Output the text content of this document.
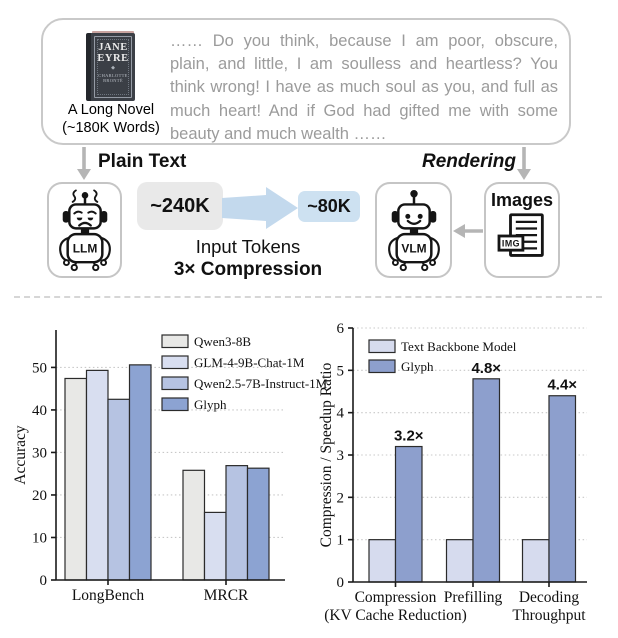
JANE
EYRE
◆
CHARLOTTE BRONTË
A Long Novel
(~180K Words)
…… Do you think, because I am poor, obscure, plain, and little, I am soulless and heartless? You think wrong! I have as much soul as you, and full as much heart! And if God had gifted me with some beauty and much wealth ……
Plain Text	Rendering
LLM
~240K	~80K
Input Tokens
3× Compression
VLM
Images
IMG
LongBench	MRCR
0
10
20
30
40
50
Accuracy
Qwen3-8B
GLM-4-9B-Chat-1M
Qwen2.5-7B-Instruct-1M
Glyph
3.2×
Compression
(KV Cache Reduction)
4.8×
Prefilling
4.4×
Decoding
Throughput
0
1
2
3
4
5
6
Compression / Speedup Ratio
Text Backbone Model
Glyph
